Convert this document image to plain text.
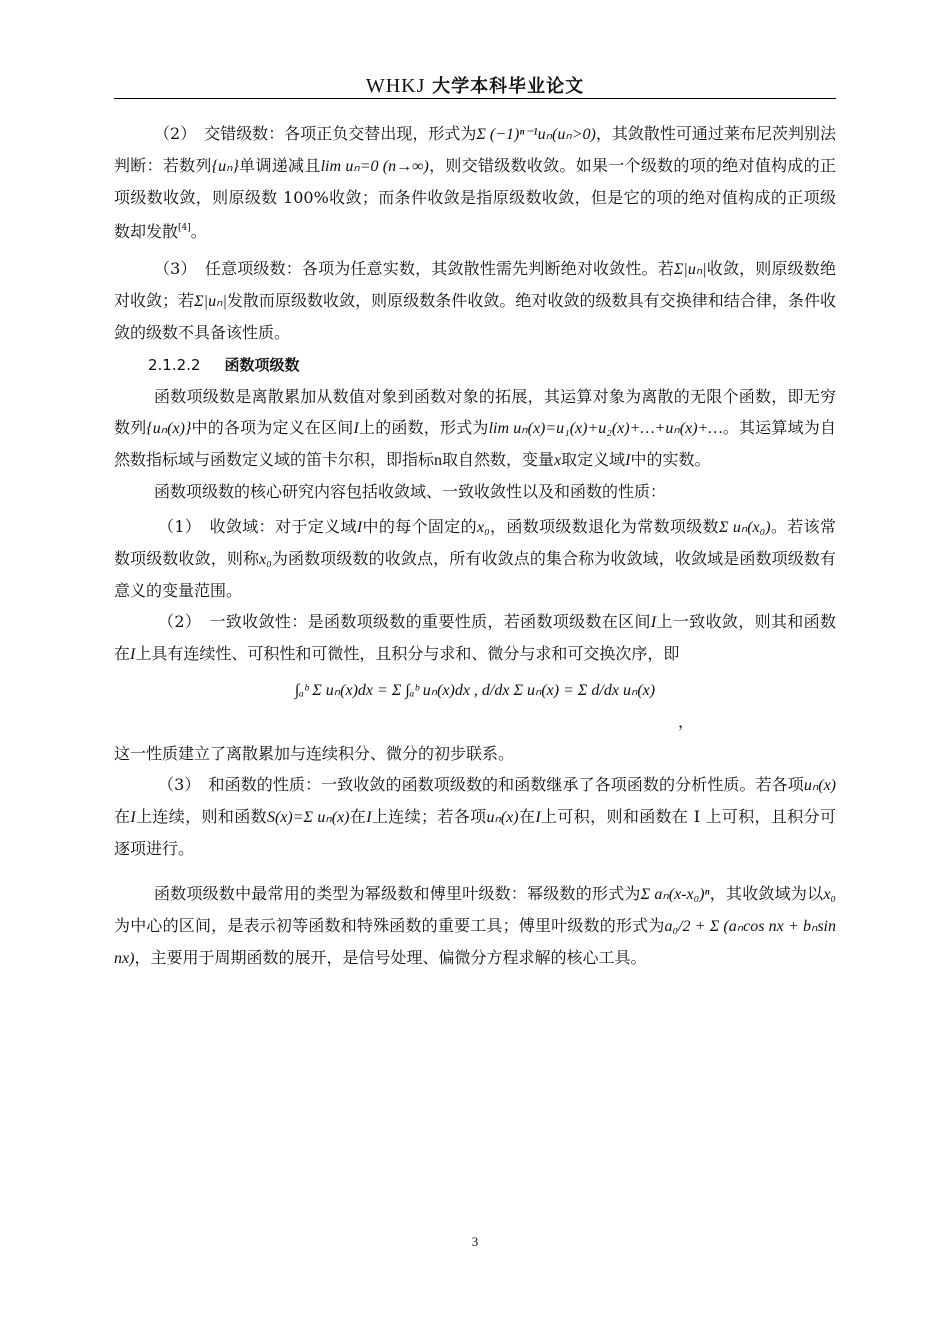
WHKJ 大学本科毕业论文

（2）　交错级数：各项正负交替出现，形式为Σ (−1)ⁿ⁻¹uₙ(uₙ>0)，其敛散性可通过莱布尼茨判别法判断：若数列{uₙ}单调递减且lim uₙ=0 (n→∞)，则交错级数收敛。如果一个级数的项的绝对值构成的正项级数收敛，则原级数 100%收敛；而条件收敛是指原级数收敛，但是它的项的绝对值构成的正项级数却发散[4]。

（3）　任意项级数：各项为任意实数，其敛散性需先判断绝对收敛性。若Σ|uₙ|收敛，则原级数绝对收敛；若Σ|uₙ|发散而原级数收敛，则原级数条件收敛。绝对收敛的级数具有交换律和结合律，条件收敛的级数不具备该性质。

2.1.2.2 函数项级数

函数项级数是离散累加从数值对象到函数对象的拓展，其运算对象为离散的无限个函数，即无穷数列{uₙ(x)}中的各项为定义在区间I上的函数，形式为lim uₙ(x)=u₁(x)+u₂(x)+…+uₙ(x)+…。其运算域为自然数指标域与函数定义域的笛卡尔积，即指标n取自然数，变量x取定义域I中的实数。

函数项级数的核心研究内容包括收敛域、一致收敛性以及和函数的性质：

（1）　收敛域：对于定义域I中的每个固定的x₀，函数项级数退化为常数项级数Σ uₙ(x₀)。若该常数项级数收敛，则称x₀为函数项级数的收敛点，所有收敛点的集合称为收敛域，收敛域是函数项级数有意义的变量范围。

（2）　一致收敛性：是函数项级数的重要性质，若函数项级数在区间I上一致收敛，则其和函数在I上具有连续性、可积性和可微性，且积分与求和、微分与求和可交换次序，即

∫ₐᵇ Σ uₙ(x)dx = Σ ∫ₐᵇ uₙ(x)dx , d/dx Σ uₙ(x) = Σ d/dx uₙ(x)
，

这一性质建立了离散累加与连续积分、微分的初步联系。

（3）　和函数的性质：一致收敛的函数项级数的和函数继承了各项函数的分析性质。若各项uₙ(x)在I上连续，则和函数S(x)=Σ uₙ(x)在I上连续；若各项uₙ(x)在I上可积，则和函数在 I 上可积，且积分可逐项进行。

函数项级数中最常用的类型为幂级数和傅里叶级数：幂级数的形式为Σ aₙ(x-x₀)ⁿ，其收敛域为以x₀为中心的区间，是表示初等函数和特殊函数的重要工具；傅里叶级数的形式为a₀/2 + Σ (aₙcos nx + bₙsin nx)，主要用于周期函数的展开，是信号处理、偏微分方程求解的核心工具。

3
